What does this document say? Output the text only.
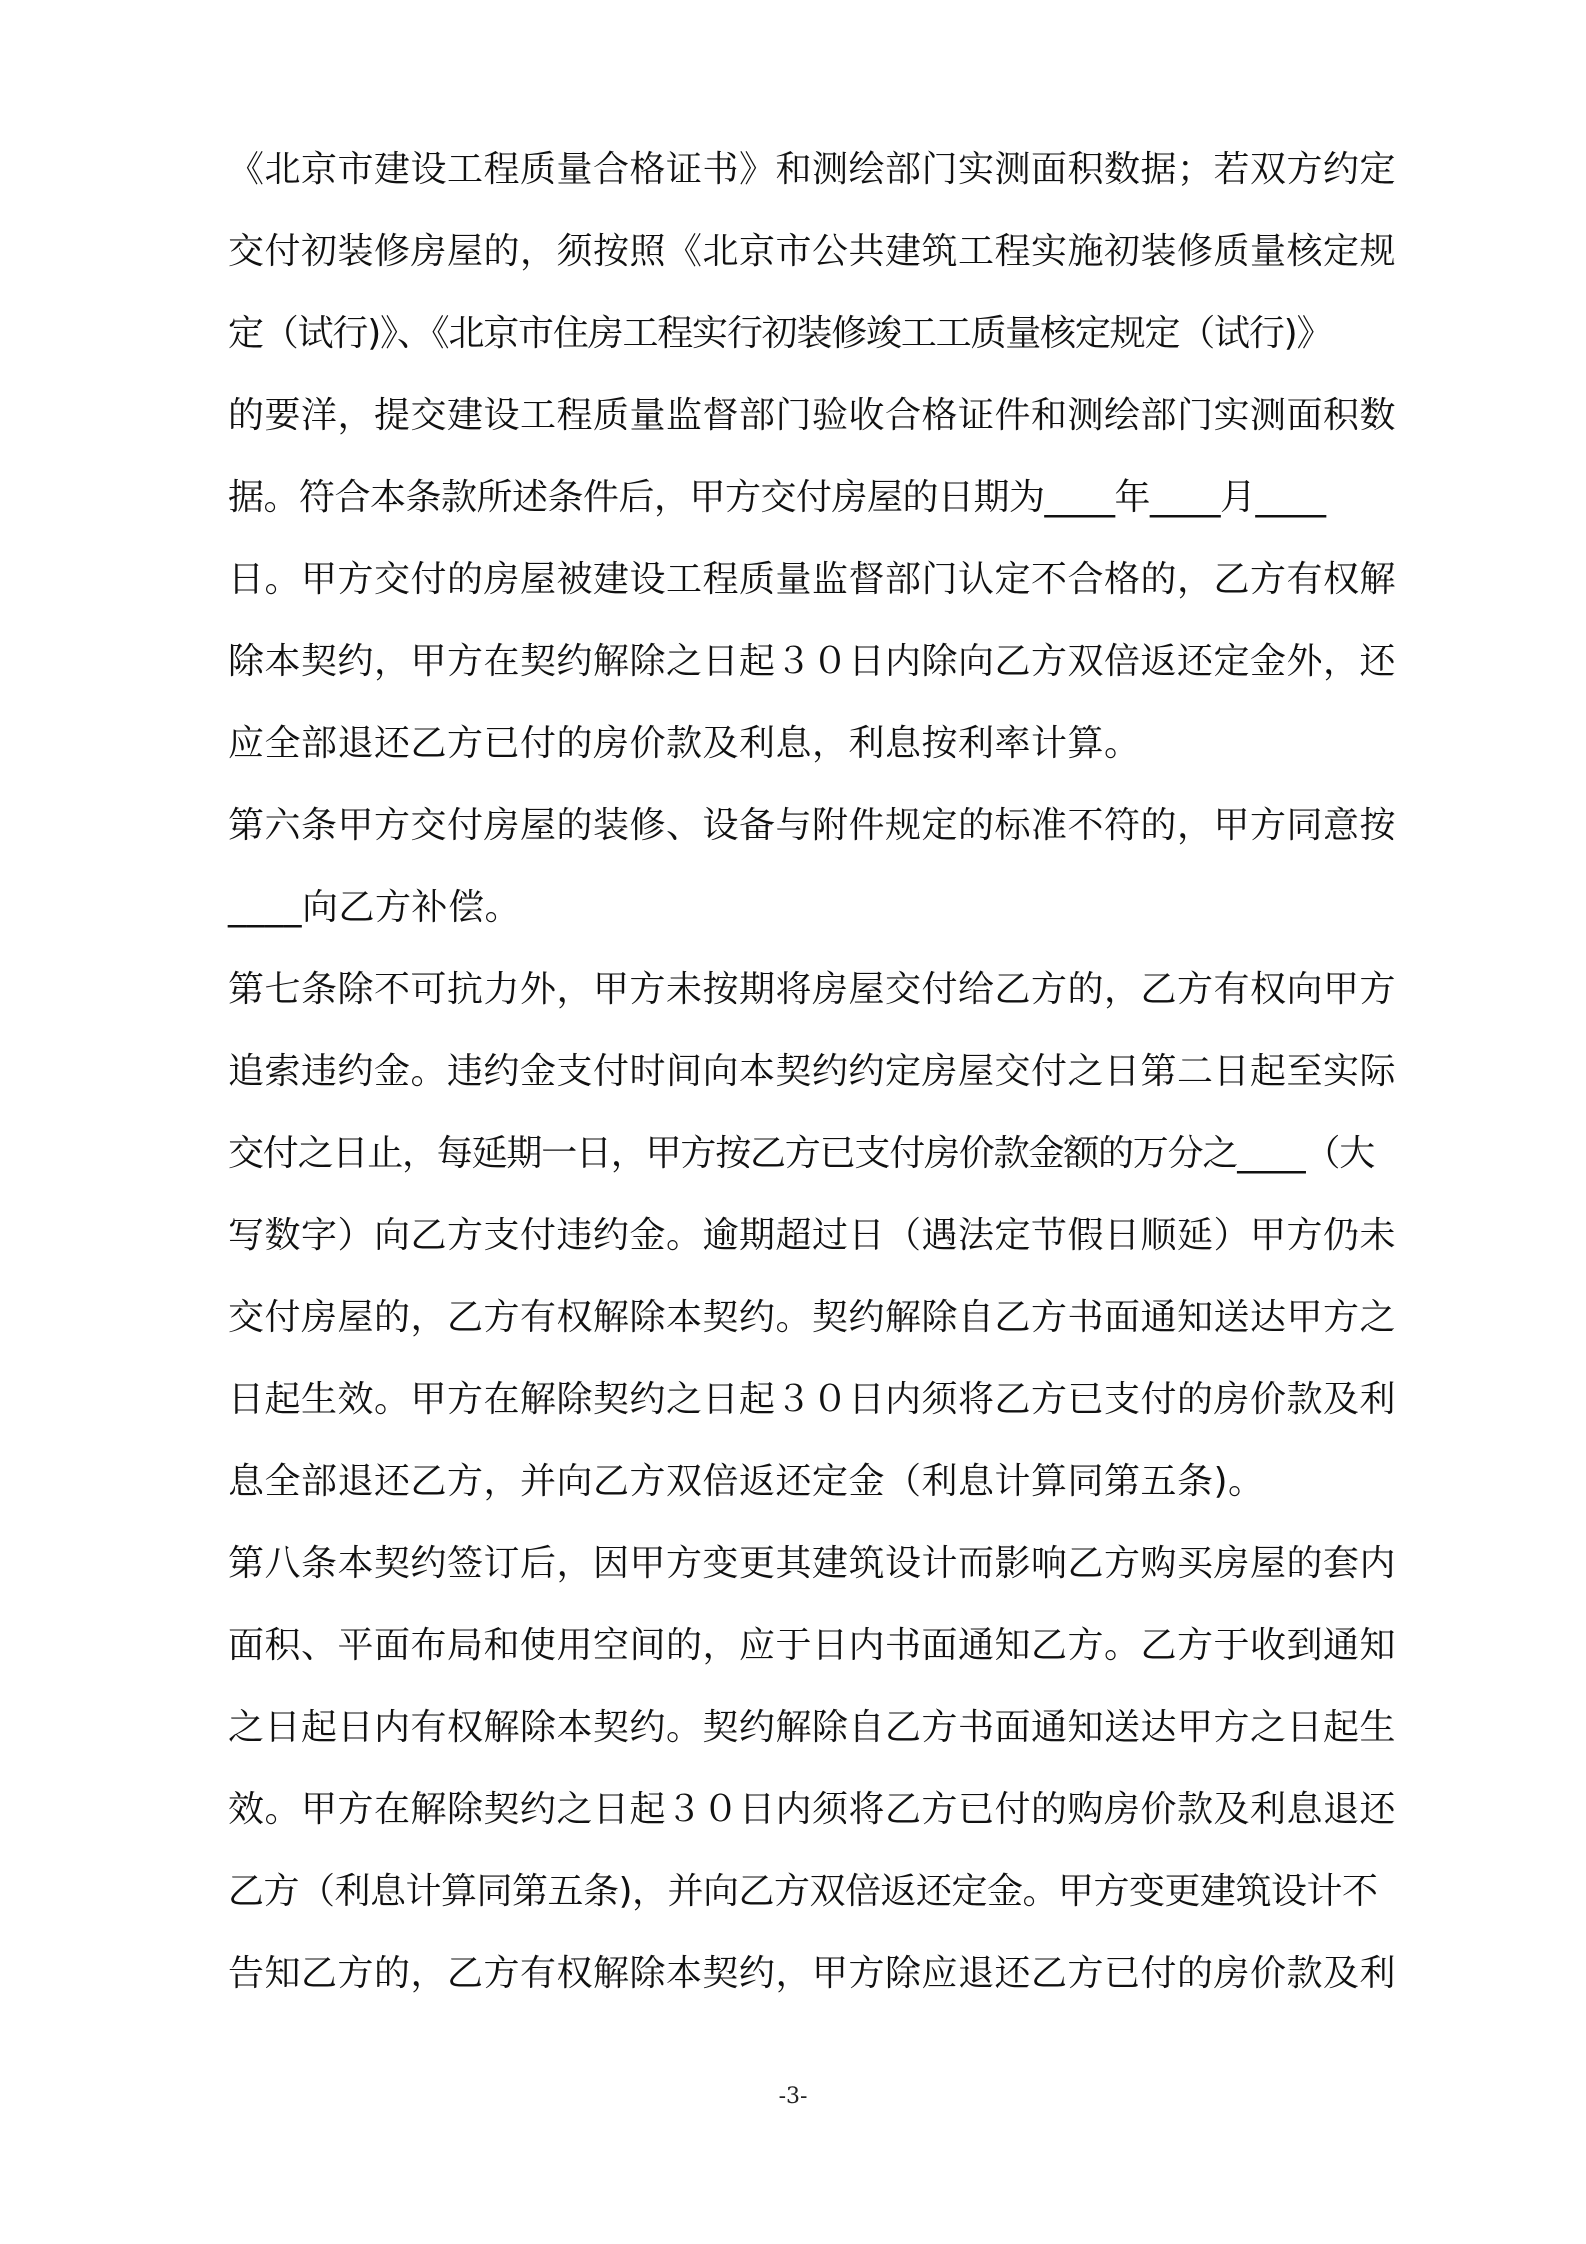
《北京市建设工程质量合格证书》和测绘部门实测面积数据；若双方约定
交付初装修房屋的，须按照《北京市公共建筑工程实施初装修质量核定规
定（试行)》、《北京市住房工程实行初装修竣工工质量核定规定（试行)》
的要洋，提交建设工程质量监督部门验收合格证件和测绘部门实测面积数
据。符合本条款所述条件后，甲方交付房屋的日期为____年____月____
日。甲方交付的房屋被建设工程质量监督部门认定不合格的，乙方有权解
除本契约，甲方在契约解除之日起３０日内除向乙方双倍返还定金外，还
应全部退还乙方已付的房价款及利息，利息按利率计算。
第六条甲方交付房屋的装修、设备与附件规定的标准不符的，甲方同意按
____向乙方补偿。
第七条除不可抗力外，甲方未按期将房屋交付给乙方的，乙方有权向甲方
追索违约金。违约金支付时间向本契约约定房屋交付之日第二日起至实际
交付之日止，每延期一日，甲方按乙方已支付房价款金额的万分之____（大
写数字）向乙方支付违约金。逾期超过日（遇法定节假日顺延）甲方仍未
交付房屋的，乙方有权解除本契约。契约解除自乙方书面通知送达甲方之
日起生效。甲方在解除契约之日起３０日内须将乙方已支付的房价款及利
息全部退还乙方，并向乙方双倍返还定金（利息计算同第五条)。
第八条本契约签订后，因甲方变更其建筑设计而影响乙方购买房屋的套内
面积、平面布局和使用空间的，应于日内书面通知乙方。乙方于收到通知
之日起日内有权解除本契约。契约解除自乙方书面通知送达甲方之日起生
效。甲方在解除契约之日起３０日内须将乙方已付的购房价款及利息退还
乙方（利息计算同第五条)，并向乙方双倍返还定金。甲方变更建筑设计不
告知乙方的，乙方有权解除本契约，甲方除应退还乙方已付的房价款及利
-3-
